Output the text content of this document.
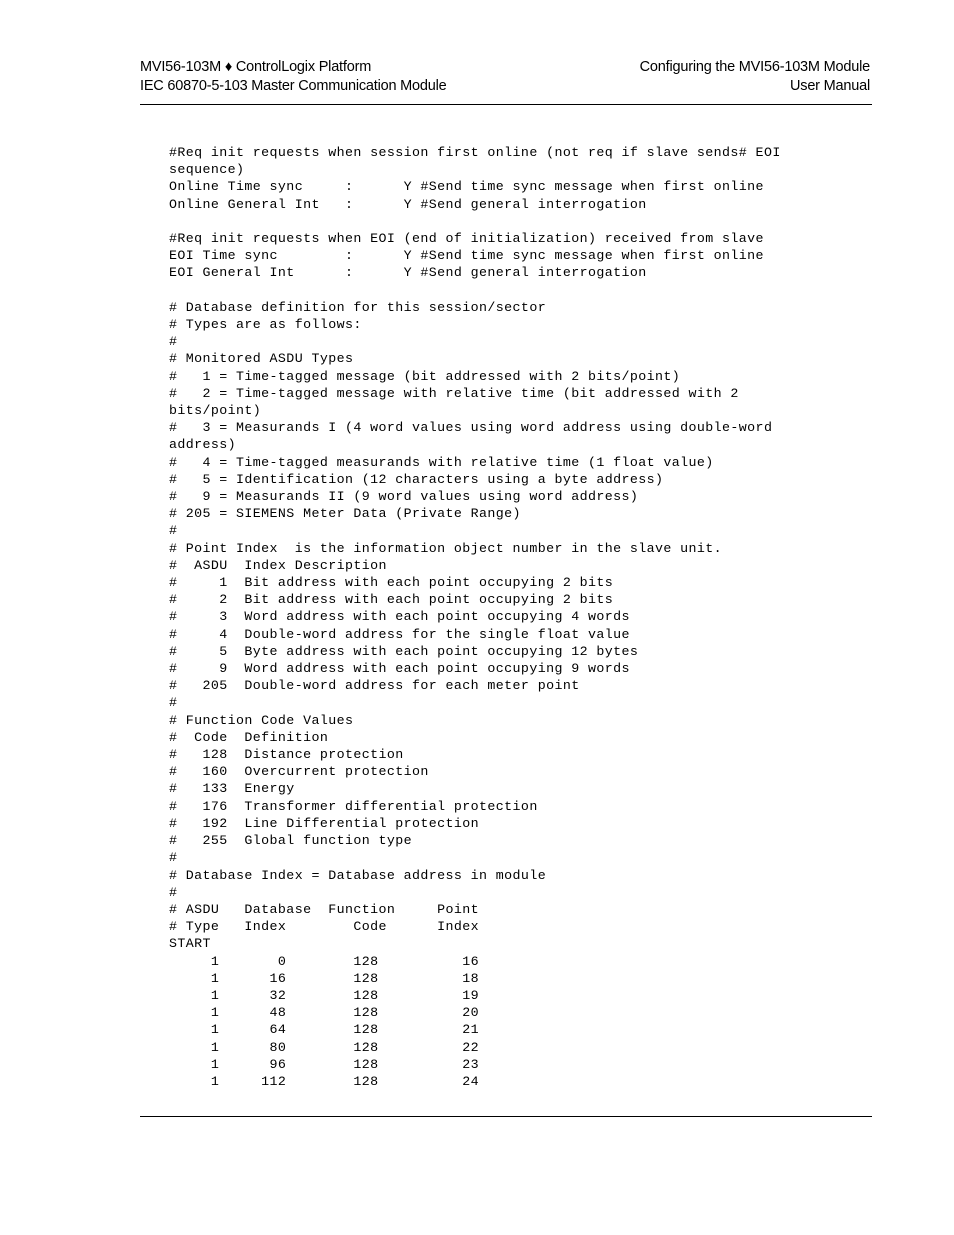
MVI56-103M ♦ ControlLogix Platform
IEC 60870-5-103 Master Communication Module
Configuring the MVI56-103M Module
User Manual
#Req init requests when session first online (not req if slave sends# EOI
sequence)
Online Time sync     :      Y #Send time sync message when first online
Online General Int   :      Y #Send general interrogation
#Req init requests when EOI (end of initialization) received from slave
EOI Time sync        :      Y #Send time sync message when first online
EOI General Int      :      Y #Send general interrogation
# Database definition for this session/sector
# Types are as follows:
#
# Monitored ASDU Types
#   1 = Time-tagged message (bit addressed with 2 bits/point)
#   2 = Time-tagged message with relative time (bit addressed with 2
bits/point)
#   3 = Measurands I (4 word values using word address using double-word
address)
#   4 = Time-tagged measurands with relative time (1 float value)
#   5 = Identification (12 characters using a byte address)
#   9 = Measurands II (9 word values using word address)
# 205 = SIEMENS Meter Data (Private Range)
#
# Point Index  is the information object number in the slave unit.
#  ASDU  Index Description
#     1  Bit address with each point occupying 2 bits
#     2  Bit address with each point occupying 2 bits
#     3  Word address with each point occupying 4 words
#     4  Double-word address for the single float value
#     5  Byte address with each point occupying 12 bytes
#     9  Word address with each point occupying 9 words
#   205  Double-word address for each meter point
#
# Function Code Values
#  Code  Definition
#   128  Distance protection
#   160  Overcurrent protection
#   133  Energy
#   176  Transformer differential protection
#   192  Line Differential protection
#   255  Global function type
#
# Database Index = Database address in module
#
# ASDU   Database  Function     Point
# Type   Index        Code      Index
START
1       0        128          16
1      16        128          18
1      32        128          19
1      48        128          20
1      64        128          21
1      80        128          22
1      96        128          23
1     112        128          24
